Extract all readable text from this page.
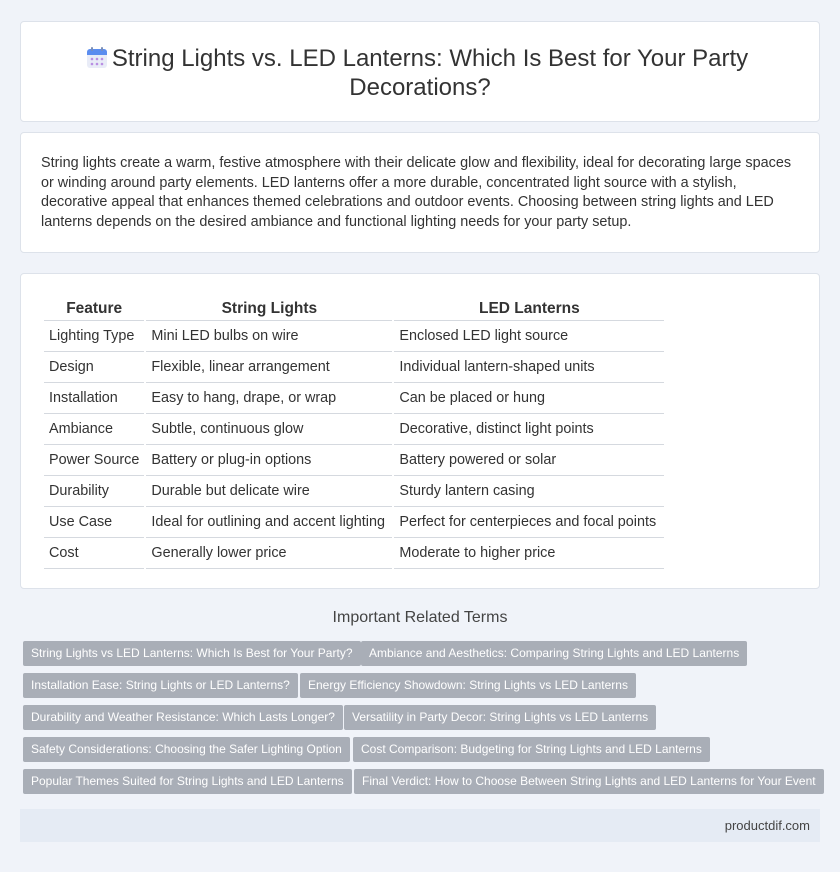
String Lights vs. LED Lanterns: Which Is Best for Your Party
Decorations?

String lights create a warm, festive atmosphere with their delicate glow and flexibility, ideal for decorating large spaces or winding around party elements. LED lanterns offer a more durable, concentrated light source with a stylish, decorative appeal that enhances themed celebrations and outdoor events. Choosing between string lights and LED lanterns depends on the desired ambiance and functional lighting needs for your party setup.

Feature	String Lights	LED Lanterns
Lighting Type	Mini LED bulbs on wire	Enclosed LED light source
Design	Flexible, linear arrangement	Individual lantern-shaped units
Installation	Easy to hang, drape, or wrap	Can be placed or hung
Ambiance	Subtle, continuous glow	Decorative, distinct light points
Power Source	Battery or plug-in options	Battery powered or solar
Durability	Durable but delicate wire	Sturdy lantern casing
Use Case	Ideal for outlining and accent lighting	Perfect for centerpieces and focal points
Cost	Generally lower price	Moderate to higher price
Important Related Terms
String Lights vs LED Lanterns: Which Is Best for Your Party?	Ambiance and Aesthetics: Comparing String Lights and LED Lanterns
Installation Ease: String Lights or LED Lanterns?	Energy Efficiency Showdown: String Lights vs LED Lanterns
Durability and Weather Resistance: Which Lasts Longer?	Versatility in Party Decor: String Lights vs LED Lanterns
Safety Considerations: Choosing the Safer Lighting Option	Cost Comparison: Budgeting for String Lights and LED Lanterns
Popular Themes Suited for String Lights and LED Lanterns	Final Verdict: How to Choose Between String Lights and LED Lanterns for Your Event
productdif.com
